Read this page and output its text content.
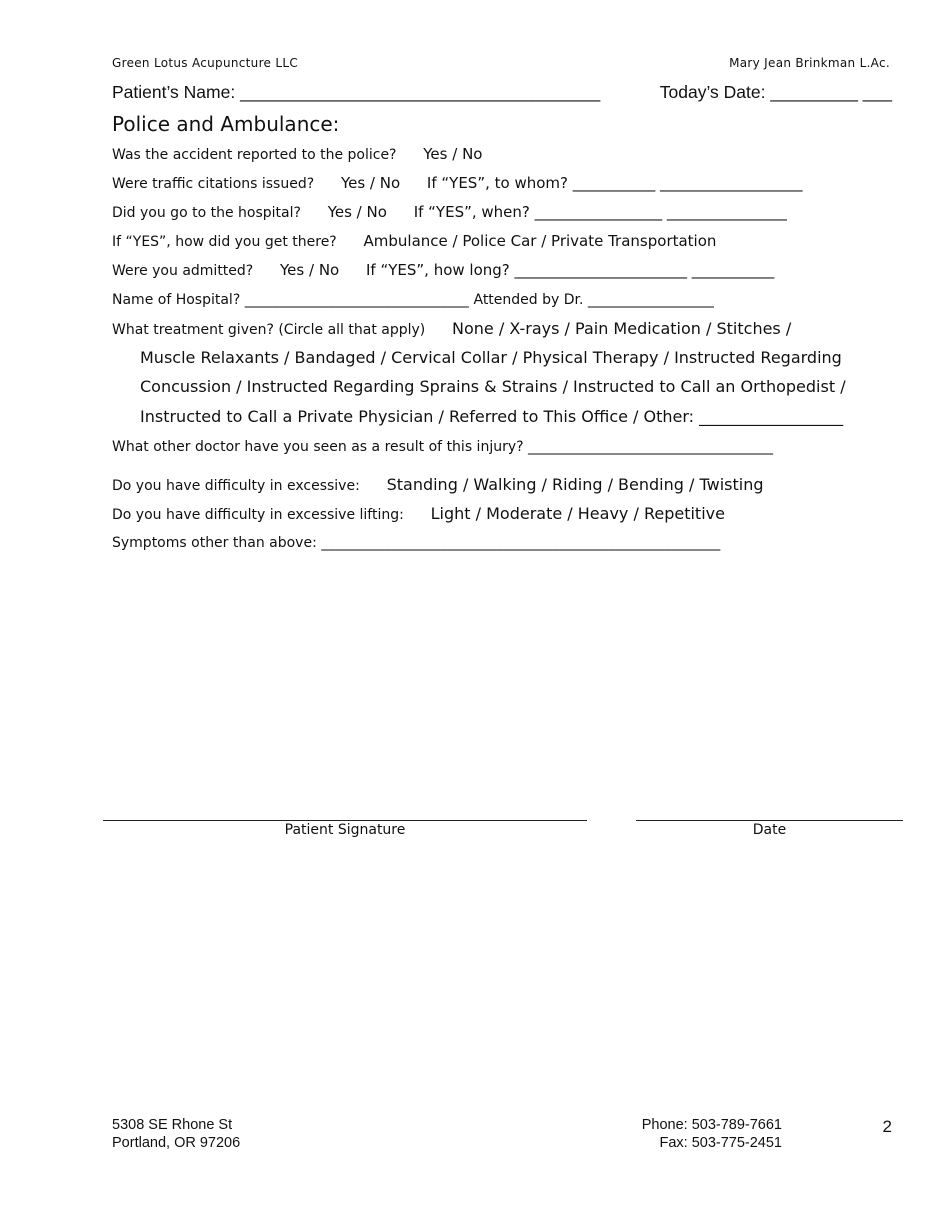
Green Lotus Acupuncture LLC	Mary Jean Brinkman L.Ac.
Patient’s Name: _____________________________________	Today’s Date: _________ ___
Police and Ambulance:
Was the accident reported to the police? Yes / No
Were traffic citations issued? Yes / No If “YES”, to whom? ___________ ___________________
Did you go to the hospital? Yes / No If “YES”, when? _________________ ________________
If “YES”, how did you get there? Ambulance / Police Car / Private Transportation
Were you admitted? Yes / No If “YES”, how long? _______________________ ___________
Name of Hospital? ________________________________ Attended by Dr. __________________
What treatment given? (Circle all that apply) None / X-rays / Pain Medication / Stitches /
Muscle Relaxants / Bandaged / Cervical Collar / Physical Therapy / Instructed Regarding
Concussion / Instructed Regarding Sprains & Strains / Instructed to Call an Orthopedist /
Instructed to Call a Private Physician / Referred to This Office / Other: __________________
What other doctor have you seen as a result of this injury? ___________________________________
Do you have difficulty in excessive: Standing / Walking / Riding / Bending / Twisting
Do you have difficulty in excessive lifting: Light / Moderate / Heavy / Repetitive
Symptoms other than above: _________________________________________________________
Patient Signature	Date
5308 SE Rhone St
Portland, OR 97206
Phone: 503-789-7661
Fax: 503-775-2451
2
